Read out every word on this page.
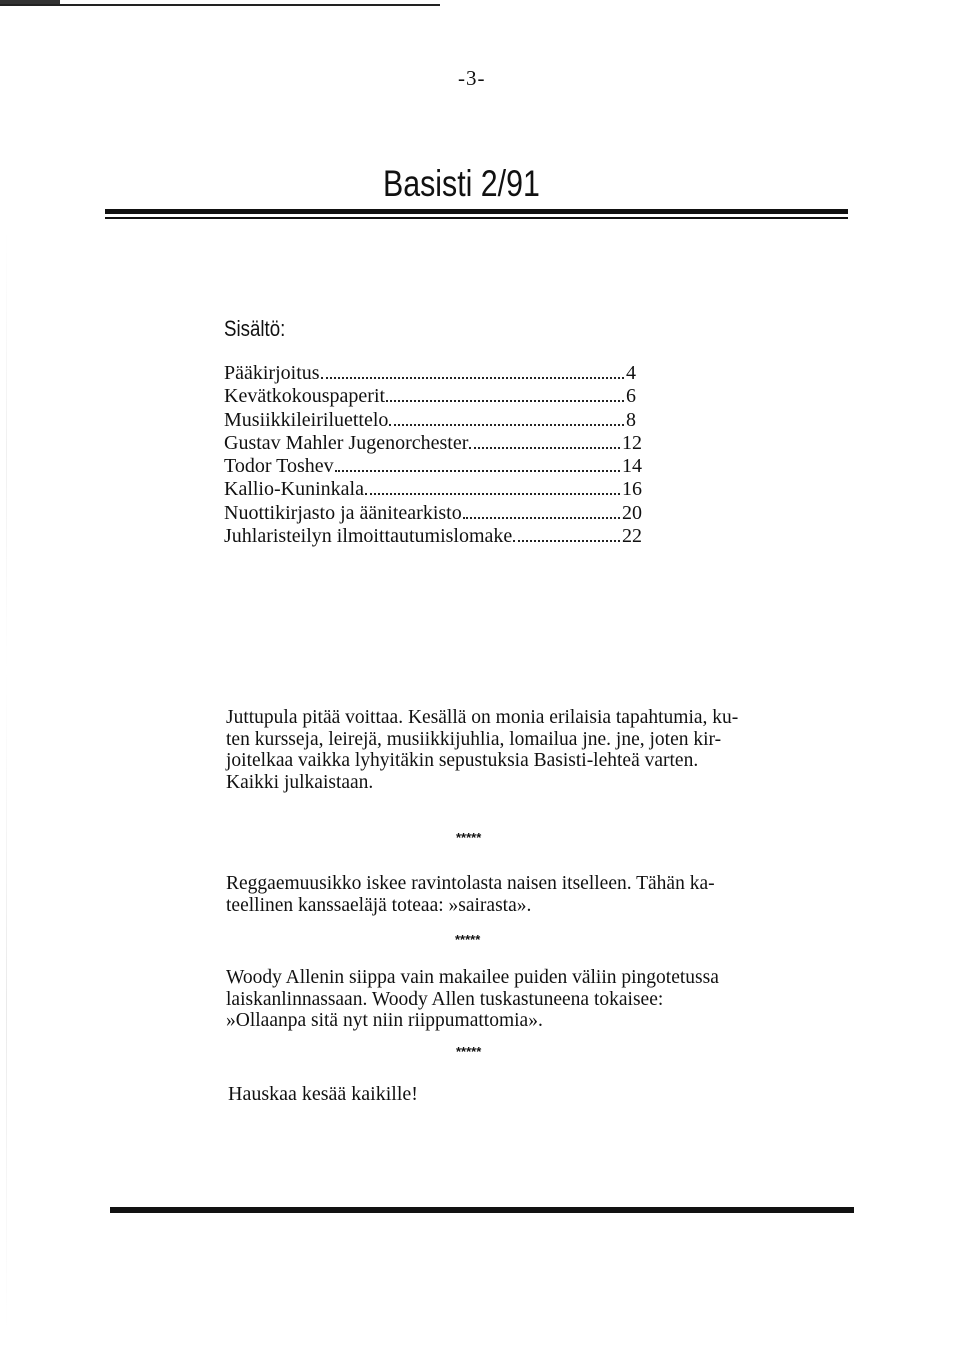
-3-
Basisti 2/91
Sisältö:
Pääkirjoitus	4
Kevätkokouspaperit	6
Musiikkileiriluettelo	8
Gustav Mahler Jugenorchester	12
Todor Toshev	14
Kallio-Kuninkala	16
Nuottikirjasto ja äänitearkisto	20
Juhlaristeilyn ilmoittautumislomake	22
Juttupula pitää voittaa. Kesällä on monia erilaisia tapahtumia, ku-
ten kursseja, leirejä, musiikkijuhlia, lomailua jne. jne, joten kir-
joitelkaa vaikka lyhyitäkin sepustuksia Basisti-lehteä varten.
Kaikki julkaistaan.
*****
Reggaemuusikko iskee ravintolasta naisen itselleen. Tähän ka-
teellinen kanssaeläjä toteaa: »sairasta».
*****
Woody Allenin siippa vain makailee puiden väliin pingotetussa
laiskanlinnassaan. Woody Allen tuskastuneena tokaisee:
»Ollaanpa sitä nyt niin riippumattomia».
*****
Hauskaa kesää kaikille!
